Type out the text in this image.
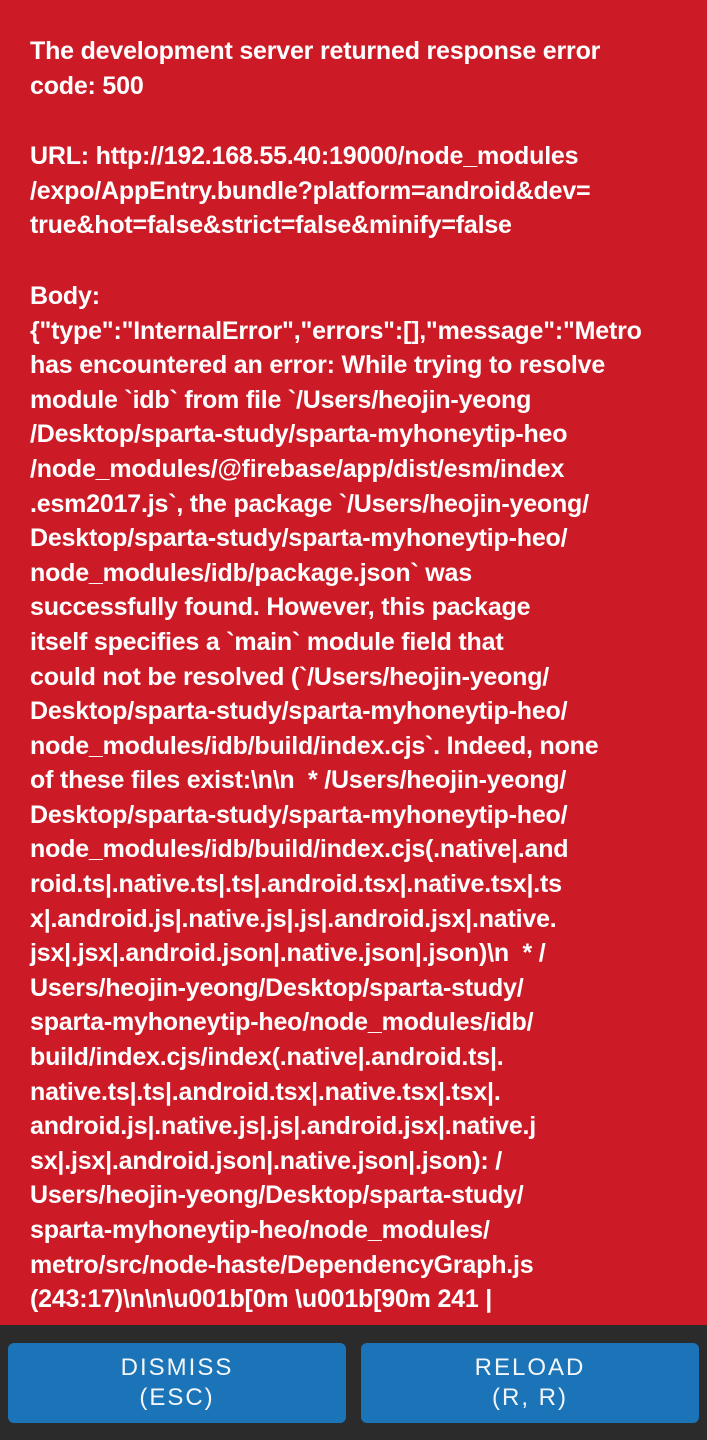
The development server returned response error
code: 500
URL: http://192.168.55.40:19000/node_modules
/expo/AppEntry.bundle?platform=android&dev=
true&hot=false&strict=false&minify=false
Body:
{"type":"InternalError","errors":[],"message":"Metro
has encountered an error: While trying to resolve
module `idb` from file `/Users/heojin-yeong
/Desktop/sparta-study/sparta-myhoneytip-heo
/node_modules/@firebase/app/dist/esm/index
.esm2017.js`, the package `/Users/heojin-yeong/
Desktop/sparta-study/sparta-myhoneytip-heo/
node_modules/idb/package.json` was
successfully found. However, this package
itself specifies a `main` module field that
could not be resolved (`/Users/heojin-yeong/
Desktop/sparta-study/sparta-myhoneytip-heo/
node_modules/idb/build/index.cjs`. Indeed, none
of these files exist:\n\n  * /Users/heojin-yeong/
Desktop/sparta-study/sparta-myhoneytip-heo/
node_modules/idb/build/index.cjs(.native|.and
roid.ts|.native.ts|.ts|.android.tsx|.native.tsx|.ts
x|.android.js|.native.js|.js|.android.jsx|.native.
jsx|.jsx|.android.json|.native.json|.json)\n  * /
Users/heojin-yeong/Desktop/sparta-study/
sparta-myhoneytip-heo/node_modules/idb/
build/index.cjs/index(.native|.android.ts|.
native.ts|.ts|.android.tsx|.native.tsx|.tsx|.
android.js|.native.js|.js|.android.jsx|.native.j
sx|.jsx|.android.json|.native.json|.json): /
Users/heojin-yeong/Desktop/sparta-study/
sparta-myhoneytip-heo/node_modules/
metro/src/node-haste/DependencyGraph.js
(243:17)\n\n\u001b[0m \u001b[90m 241 |
DISMISS
(ESC)
RELOAD
(R, R)
